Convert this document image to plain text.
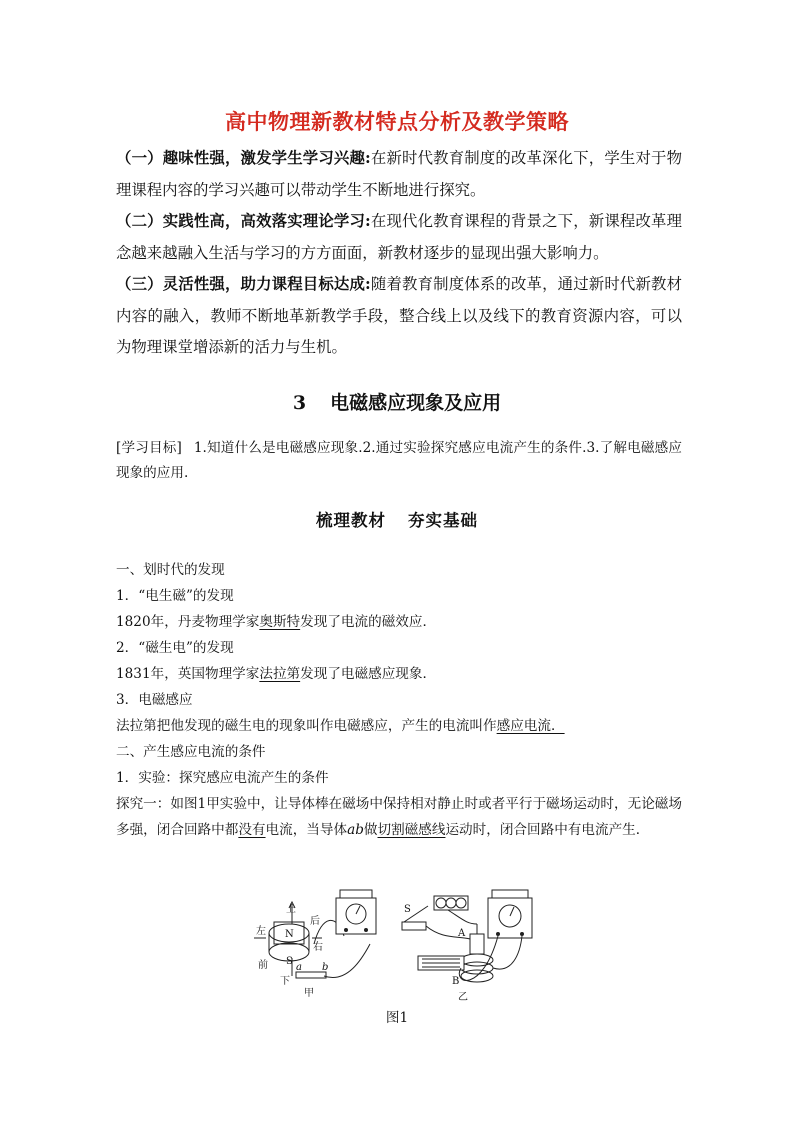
高中物理新教材特点分析及教学策略

（一）趣味性强，激发学生学习兴趣:在新时代教育制度的改革深化下，学生对于物理课程内容的学习兴趣可以带动学生不断地进行探究。

（二）实践性高，高效落实理论学习:在现代化教育课程的背景之下，新课程改革理念越来越融入生活与学习的方方面面，新教材逐步的显现出强大影响力。

（三）灵活性强，助力课程目标达成:随着教育制度体系的改革，通过新时代新教材内容的融入，教师不断地革新教学手段，整合线上以及线下的教育资源内容，可以为物理课堂增添新的活力与生机。

3 电磁感应现象及应用
[学习目标] 1.知道什么是电磁感应现象.2.通过实验探究感应电流产生的条件.3.了解电磁感应现象的应用.
梳理教材 夯实基础

一、划时代的发现

1．“电生磁”的发现

1820年，丹麦物理学家奥斯特发现了电流的磁效应．

2．“磁生电”的发现

1831年，英国物理学家法拉第发现了电磁感应现象．

3．电磁感应

法拉第把他发现的磁生电的现象叫作电磁感应，产生的电流叫作感应电流．

二、产生感应电流的条件

1．实验：探究感应电流产生的条件

探究一：如图1甲实验中，让导体棒在磁场中保持相对静止时或者平行于磁场运动时，无论磁场多强，闭合回路中都没有电流，当导体ab做切割磁感线运动时，闭合回路中有电流产生．

上
后
左
右
前
下
N
S
a b
甲
S
A
B
乙
图1
